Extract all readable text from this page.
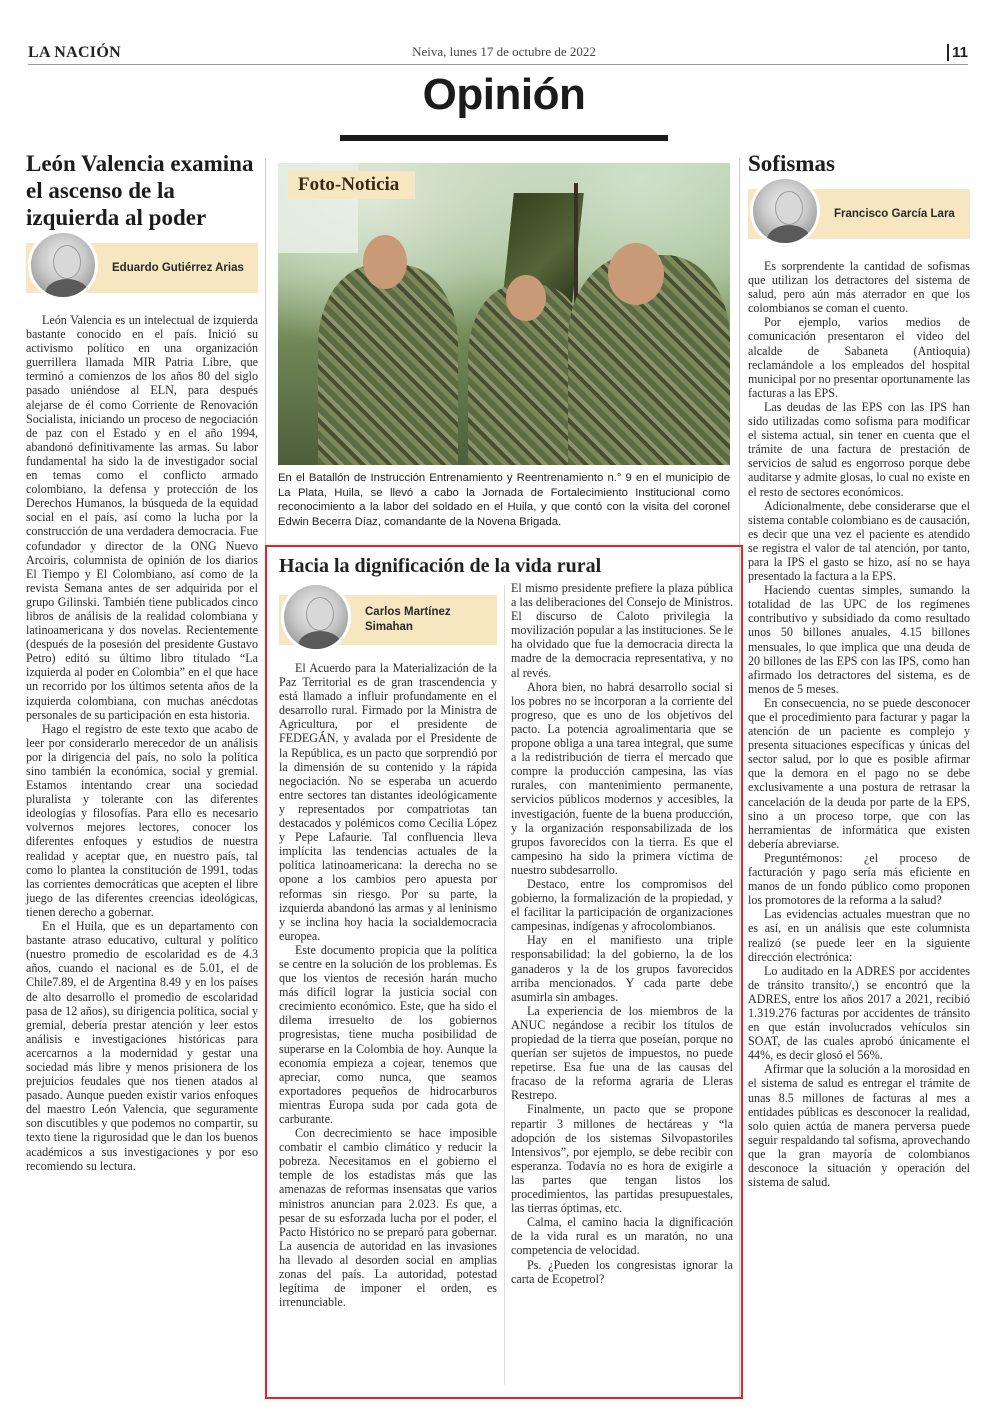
LA NACIÓN	Neiva, lunes 17 de octubre de 2022	11
Opinión
León Valencia examina el ascenso de la izquierda al poder
Eduardo Gutiérrez Arias

León Valencia es un intelectual de izquierda bastante conocido en el país. Inició su activismo político en una organización guerrillera llamada MIR Patria Libre, que terminó a comienzos de los años 80 del siglo pasado uniéndose al ELN, para después alejarse de él como Corriente de Renovación Socialista, iniciando un proceso de negociación de paz con el Estado y en el año 1994, abandonó definitivamente las armas. Su labor fundamental ha sido la de investigador social en temas como el conflicto armado colombiano, la defensa y protección de los Derechos Humanos, la búsqueda de la equidad social en el país, así como la lucha por la construcción de una verdadera democracia. Fue cofundador y director de la ONG Nuevo Arcoiris, columnista de opinión de los diarios El Tiempo y El Colombiano, así como de la revista Semana antes de ser adquirida por el grupo Gilinski. También tiene publicados cinco libros de análisis de la realidad colombiana y latinoamericana y dos novelas. Recientemente (después de la posesión del presidente Gustavo Petro) editó su último libro titulado “La izquierda al poder en Colombia” en el que hace un recorrido por los últimos setenta años de la izquierda colombiana, con muchas anécdotas personales de su participación en esta historia.

Hago el registro de este texto que acabo de leer por considerarlo merecedor de un análisis por la dirigencia del país, no solo la política sino también la económica, social y gremial. Estamos intentando crear una sociedad pluralista y tolerante con las diferentes ideologías y filosofías. Para ello es necesario volvernos mejores lectores, conocer los diferentes enfoques y estudios de nuestra realidad y aceptar que, en nuestro país, tal como lo plantea la constitución de 1991, todas las corrientes democráticas que acepten el libre juego de las diferentes creencias ideológicas, tienen derecho a gobernar.

En el Huila, que es un departamento con bastante atraso educativo, cultural y político (nuestro promedio de escolaridad es de 4.3 años, cuando el nacional es de 5.01, el de Chile7.89, el de Argentina 8.49 y en los países de alto desarrollo el promedio de escolaridad pasa de 12 años), su dirigencia política, social y gremial, debería prestar atención y leer estos análisis e investigaciones históricas para acercarnos a la modernidad y gestar una sociedad más libre y menos prisionera de los prejuicios feudales que nos tienen atados al pasado. Aunque pueden existir varios enfoques del maestro León Valencia, que seguramente son discutibles y que podemos no compartir, su texto tiene la rigurosidad que le dan los buenos académicos a sus investigaciones y por eso recomiendo su lectura.

Foto-Noticia

En el Batallón de Instrucción Entrenamiento y Reentrenamiento n.° 9 en el municipio de La Plata, Huila, se llevó a cabo la Jornada de Fortalecimiento Institucional como reconocimiento a la labor del soldado en el Huila, y que contó con la visita del coronel Edwin Becerra Díaz, comandante de la Novena Brigada.

Hacia la dignificación de la vida rural
Carlos Martínez Simahan

El Acuerdo para la Materialización de la Paz Territorial es de gran trascendencia y está llamado a influir profundamente en el desarrollo rural. Firmado por la Ministra de Agricultura, por el presidente de FEDEGÁN, y avalada por el Presidente de la República, es un pacto que sorprendió por la dimensión de su contenido y la rápida negociación. No se esperaba un acuerdo entre sectores tan distantes ideológicamente y representados por compatriotas tan destacados y polémicos como Cecilia López y Pepe Lafaurie. Tal confluencia lleva implícita las tendencias actuales de la política latinoamericana: la derecha no se opone a los cambios pero apuesta por reformas sin riesgo. Por su parte, la izquierda abandonó las armas y al leninismo y se inclina hoy hacia la socialdemocracia europea.

Este documento propicia que la política se centre en la solución de los problemas. Es que los vientos de recesión harán mucho más difícil lograr la justicia social con crecimiento económico. Este, que ha sido el dilema irresuelto de los gobiernos progresistas, tiene mucha posibilidad de superarse en la Colombia de hoy. Aunque la economía empieza a cojear, tenemos que apreciar, como nunca, que seamos exportadores pequeños de hidrocarburos mientras Europa suda por cada gota de carburante.

Con decrecimiento se hace imposible combatir el cambio climático y reducir la pobreza. Necesitamos en el gobierno el temple de los estadistas más que las amenazas de reformas insensatas que varios ministros anuncian para 2.023. Es que, a pesar de su esforzada lucha por el poder, el Pacto Histórico no se preparó para gobernar. La ausencia de autoridad en las invasiones ha llevado al desorden social en amplias zonas del país. La autoridad, potestad legítima de imponer el orden, es irrenunciable.

El mismo presidente prefiere la plaza pública a las deliberaciones del Consejo de Ministros. El discurso de Caloto privilegia la movilización popular a las instituciones. Se le ha olvidado que fue la democracia directa la madre de la democracia representativa, y no al revés.

Ahora bien, no habrá desarrollo social si los pobres no se incorporan a la corriente del progreso, que es uno de los objetivos del pacto. La potencia agroalimentaria que se propone obliga a una tarea integral, que sume a la redistribución de tierra el mercado que compre la producción campesina, las vías rurales, con mantenimiento permanente, servicios públicos modernos y accesibles, la investigación, fuente de la buena producción, y la organización responsabilizada de los grupos favorecidos con la tierra. Es que el campesino ha sido la primera víctima de nuestro subdesarrollo.

Destaco, entre los compromisos del gobierno, la formalización de la propiedad, y el facilitar la participación de organizaciones campesinas, indígenas y afrocolombianos.

Hay en el manifiesto una triple responsabilidad: la del gobierno, la de los ganaderos y la de los grupos favorecidos arriba mencionados. Y cada parte debe asumirla sin ambages.

La experiencia de los miembros de la ANUC negándose a recibir los títulos de propiedad de la tierra que poseían, porque no querían ser sujetos de impuestos, no puede repetirse. Esa fue una de las causas del fracaso de la reforma agraria de Lleras Restrepo.

Finalmente, un pacto que se propone repartir 3 millones de hectáreas y “la adopción de los sistemas Silvopastoriles Intensivos”, por ejemplo, se debe recibir con esperanza. Todavía no es hora de exigirle a las partes que tengan listos los procedimientos, las partidas presupuestales, las tierras óptimas, etc.

Calma, el camino hacia la dignificación de la vida rural es un maratón, no una competencia de velocidad.

Ps. ¿Pueden los congresistas ignorar la carta de Ecopetrol?

Sofismas
Francisco García Lara

Es sorprendente la cantidad de sofismas que utilizan los detractores del sistema de salud, pero aún más aterrador en que los colombianos se coman el cuento.

Por ejemplo, varios medios de comunicación presentaron el video del alcalde de Sabaneta (Antioquia) reclamándole a los empleados del hospital municipal por no presentar oportunamente las facturas a las EPS.

Las deudas de las EPS con las IPS han sido utilizadas como sofisma para modificar el sistema actual, sin tener en cuenta que el trámite de una factura de prestación de servicios de salud es engorroso porque debe auditarse y admite glosas, lo cual no existe en el resto de sectores económicos.

Adicionalmente, debe considerarse que el sistema contable colombiano es de causación, es decir que una vez el paciente es atendido se registra el valor de tal atención, por tanto, para la IPS el gasto se hizo, así no se haya presentado la factura a la EPS.

Haciendo cuentas simples, sumando la totalidad de las UPC de los regímenes contributivo y subsidiado da como resultado unos 50 billones anuales, 4.15 billones mensuales, lo que implica que una deuda de 20 billones de las EPS con las IPS, como han afirmado los detractores del sistema, es de menos de 5 meses.

En consecuencia, no se puede desconocer que el procedimiento para facturar y pagar la atención de un paciente es complejo y presenta situaciones específicas y únicas del sector salud, por lo que es posible afirmar que la demora en el pago no se debe exclusivamente a una postura de retrasar la cancelación de la deuda por parte de la EPS, sino a un proceso torpe, que con las herramientas de informática que existen debería abreviarse.

Preguntémonos: ¿el proceso de facturación y pago sería más eficiente en manos de un fondo público como proponen los promotores de la reforma a la salud?

Las evidencias actuales muestran que no es así, en un análisis que este columnista realizó (se puede leer en la siguiente dirección electrónica:

Lo auditado en la ADRES por accidentes de tránsito transito/,) se encontró que la ADRES, entre los años 2017 a 2021, recibió 1.319.276 facturas por accidentes de tránsito en que están involucrados vehículos sin SOAT, de las cuales aprobó únicamente el 44%, es decir glosó el 56%.

Afirmar que la solución a la morosidad en el sistema de salud es entregar el trámite de unas 8.5 millones de facturas al mes a entidades públicas es desconocer la realidad, solo quien actúa de manera perversa puede seguir respaldando tal sofisma, aprovechando que la gran mayoría de colombianos desconoce la situación y operación del sistema de salud.
